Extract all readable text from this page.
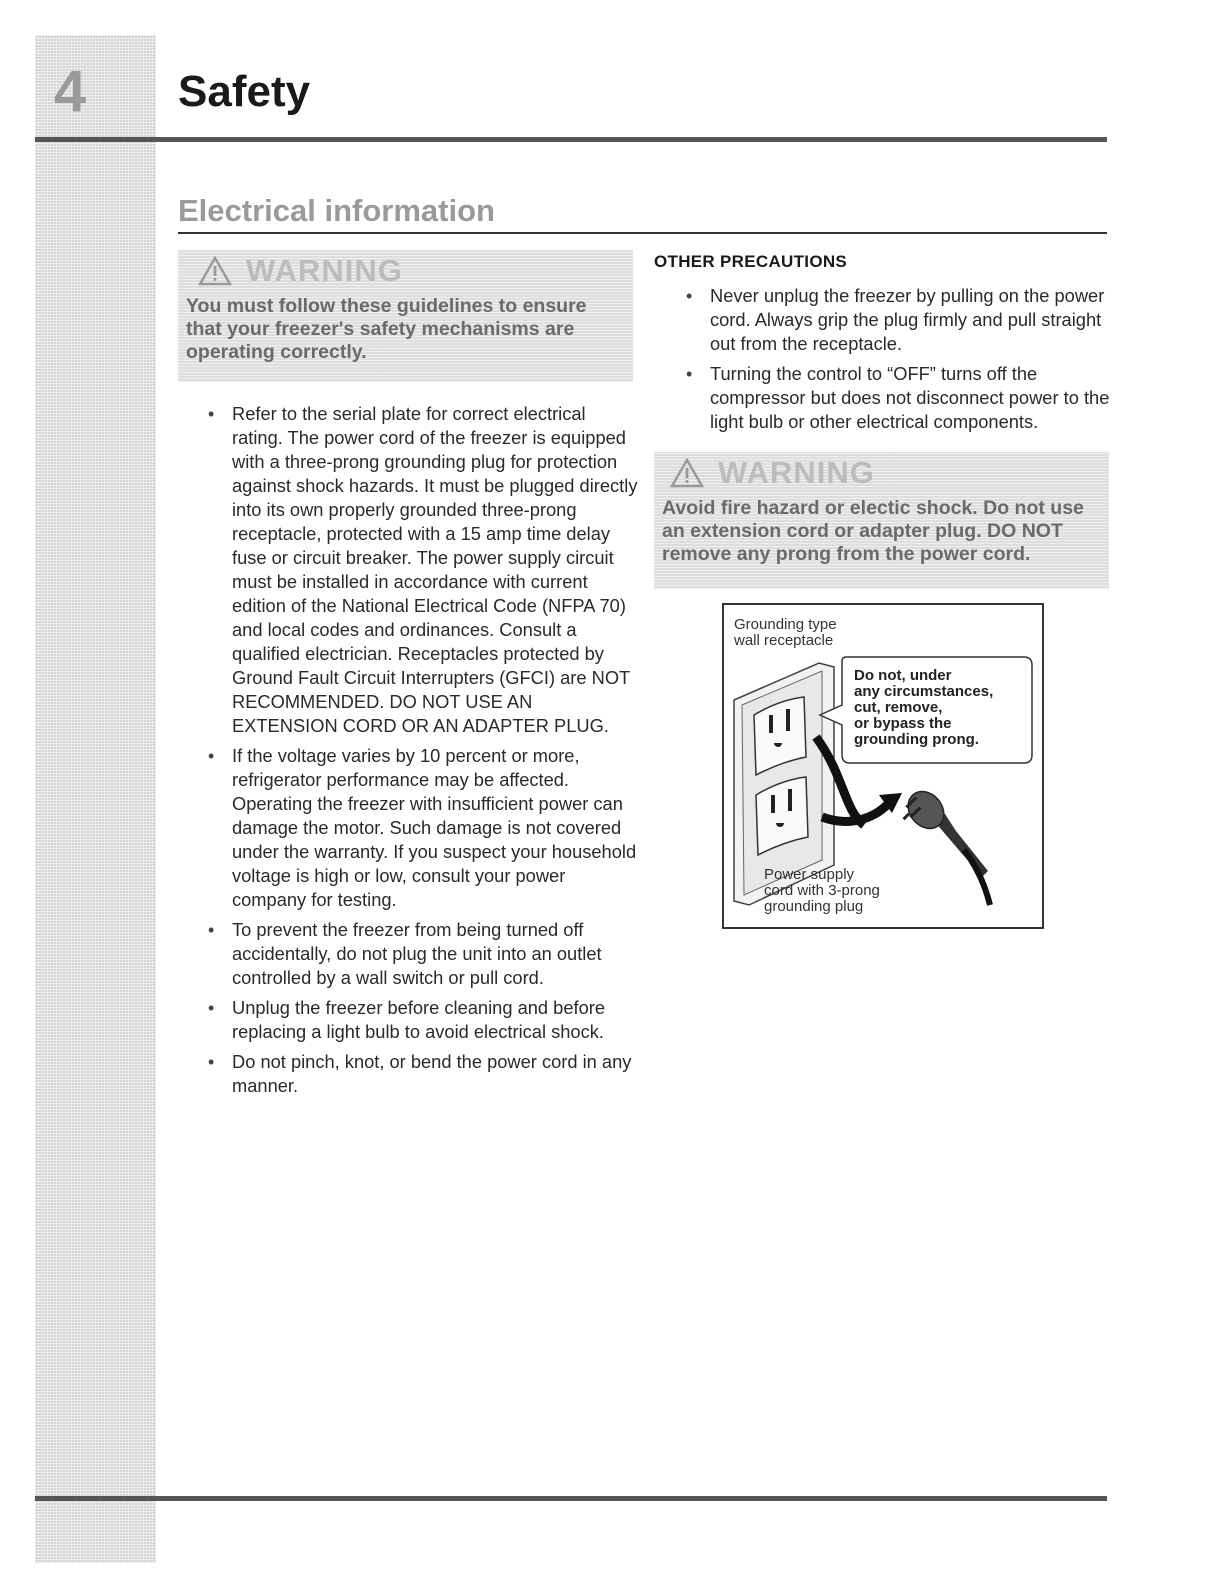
4	Safety
Electrical information
WARNING
You must follow these guidelines to ensure that your freezer's safety mechanisms are operating correctly.
• Refer to the serial plate for correct electrical rating. The power cord of the freezer is equipped with a three-prong grounding plug for protection against shock hazards. It must be plugged directly into its own properly grounded three-prong receptacle, protected with a 15 amp time delay fuse or circuit breaker. The power supply circuit must be installed in accordance with current edition of the National Electrical Code (NFPA 70) and local codes and ordinances. Consult a qualified electrician. Receptacles protected by Ground Fault Circuit Interrupters (GFCI) are NOT RECOMMENDED. DO NOT USE AN EXTENSION CORD OR AN ADAPTER PLUG.
• If the voltage varies by 10 percent or more, refrigerator performance may be affected. Operating the freezer with insufficient power can damage the motor. Such damage is not covered under the warranty. If you suspect your household voltage is high or low, consult your power company for testing.
• To prevent the freezer from being turned off accidentally, do not plug the unit into an outlet controlled by a wall switch or pull cord.
• Unplug the freezer before cleaning and before replacing a light bulb to avoid electrical shock.
• Do not pinch, knot, or bend the power cord in any manner.
OTHER PRECAUTIONS
• Never unplug the freezer by pulling on the power cord. Always grip the plug firmly and pull straight out from the receptacle.
• Turning the control to “OFF” turns off the compressor but does not disconnect power to the light bulb or other electrical components.
WARNING
Avoid fire hazard or electic shock. Do not use an extension cord or adapter plug. DO NOT remove any prong from the power cord.
Grounding type
wall receptacle
Do not, under
any circumstances,
cut, remove,
or bypass the
grounding prong.
Power supply
cord with 3-prong
grounding plug
